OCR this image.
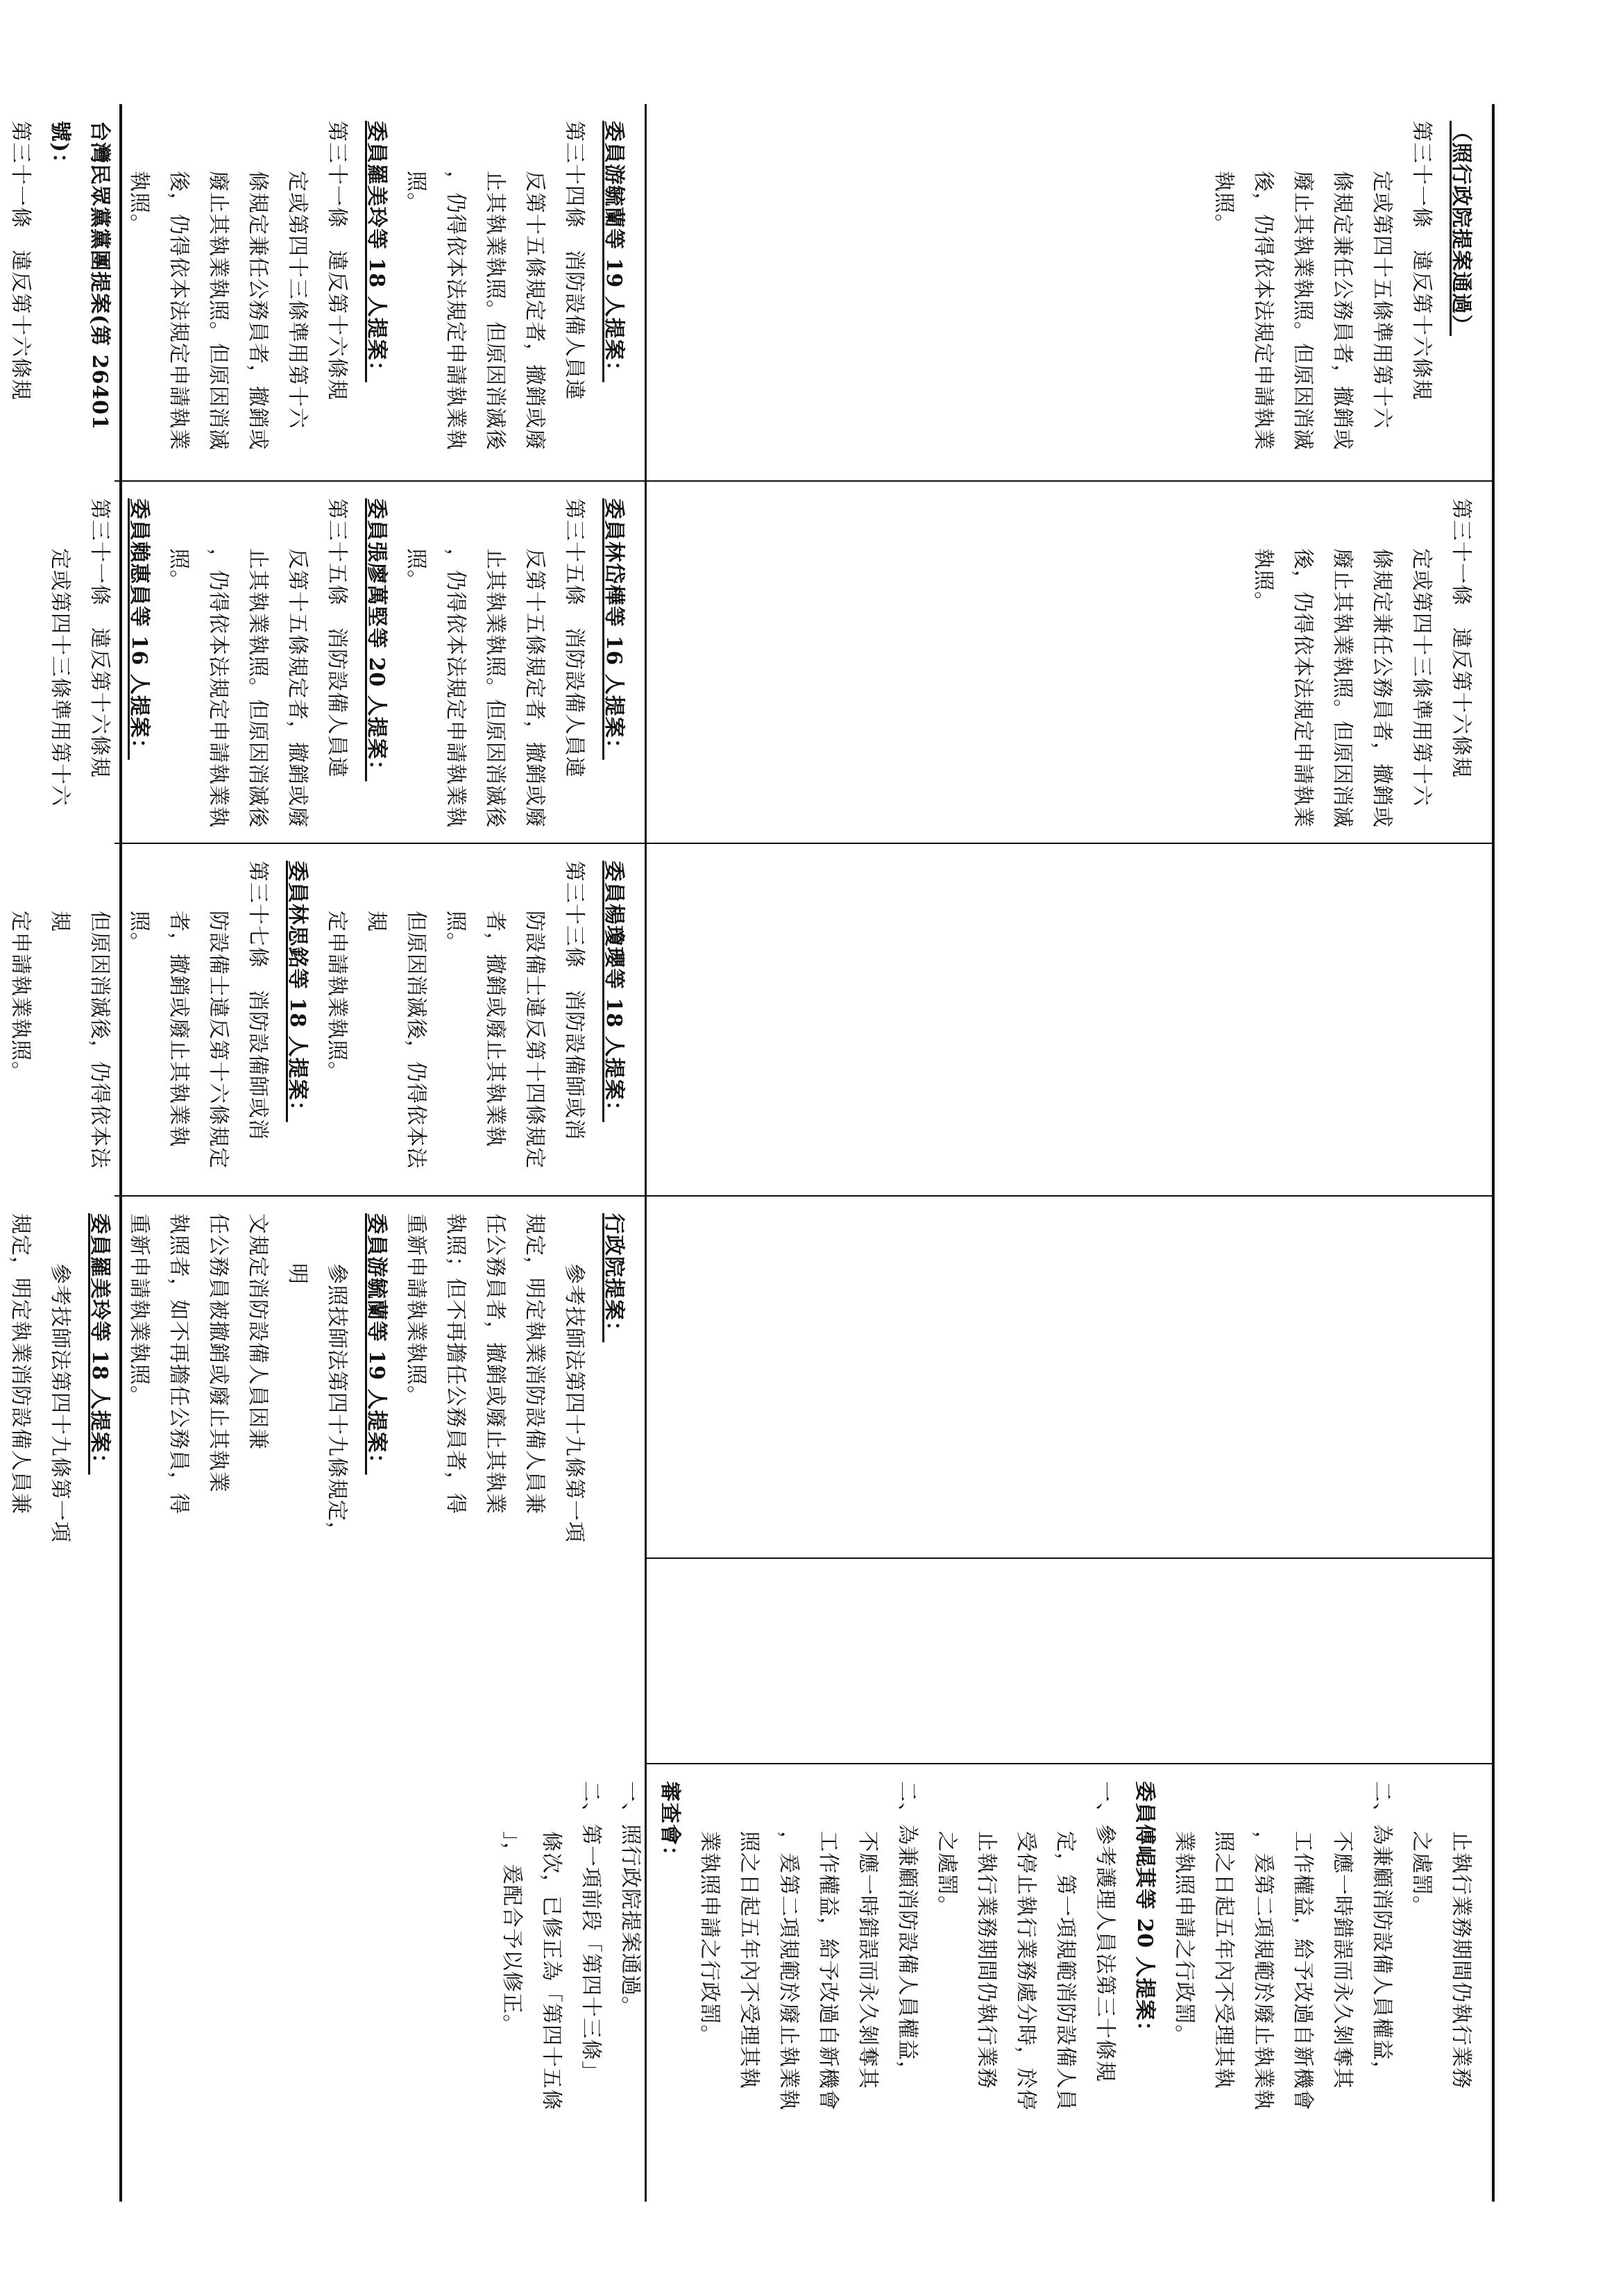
（照行政院提案通過）

第三十一條　違反第十六條規

定或第四十五條準用第十六

條規定兼任公務員者，撤銷或

廢止其執業執照。但原因消滅

後，仍得依本法規定申請執業

執照。

第三十一條　違反第十六條規

定或第四十三條準用第十六

條規定兼任公務員者，撤銷或

廢止其執業執照。但原因消滅

後，仍得依本法規定申請執業

執照。

止執行業務期間仍執行業務

之處罰。

二、為兼顧消防設備人員權益，

不應一時錯誤而永久剝奪其

工作權益，給予改過自新機會

，爰第二項規範於廢止執業執

照之日起五年內不受理其執

業執照申請之行政罰。

委員傅崐萁等 20 人提案：

一、參考護理人員法第三十條規

定，第一項規範消防設備人員

受停止執行業務處分時，於停

止執行業務期間仍執行業務

之處罰。

二、為兼顧消防設備人員權益，

不應一時錯誤而永久剝奪其

工作權益，給予改過自新機會

，爰第二項規範於廢止執業執

照之日起五年內不受理其執

業執照申請之行政罰。

審查會：

一、照行政院提案通過。

二、第一項前段「第四十三條」

條次，已修正為「第四十五條

」，爰配合予以修正。

委員游毓蘭等 19 人提案：

第三十四條　消防設備人員違

反第十五條規定者，撤銷或廢

止其執業執照。但原因消滅後

，仍得依本法規定申請執業執

照。

委員羅美玲等 18 人提案：

第三十一條　違反第十六條規

定或第四十三條準用第十六

條規定兼任公務員者，撤銷或

廢止其執業執照。但原因消滅

後，仍得依本法規定申請執業

執照。

台灣民眾黨黨團提案(第 26401

號)：

第三十一條　違反第十六條規

委員林岱樺等 16 人提案：

第三十五條　消防設備人員違

反第十五條規定者，撤銷或廢

止其執業執照。但原因消滅後

，仍得依本法規定申請執業執

照。

委員張廖萬堅等 20 人提案：

第三十五條　消防設備人員違

反第十五條規定者，撤銷或廢

止其執業執照。但原因消滅後

，仍得依本法規定申請執業執

照。

委員賴惠員等 16 人提案：

第三十一條　違反第十六條規

定或第四十三條準用第十六

委員楊瓊瓔等 18 人提案：

第三十三條　消防設備師或消

防設備士違反第十四條規定

者，撤銷或廢止其執業執照。

但原因消滅後，仍得依本法規

定申請執業執照。

委員林思銘等 18 人提案：

第三十七條　消防設備師或消

防設備士違反第十六條規定

者，撤銷或廢止其執業執照。

但原因消滅後，仍得依本法規

定申請執業執照。

行政院提案：

參考技師法第四十九條第一項

規定，明定執業消防設備人員兼

任公務員者，撤銷或廢止其執業

執照；但不再擔任公務員者，得

重新申請執業執照。

委員游毓蘭等 19 人提案：

參照技師法第四十九條規定，明

文規定消防設備人員因兼

任公務員被撤銷或廢止其執業

執照者，如不再擔任公務員，得

重新申請執業執照。

委員羅美玲等 18 人提案：

參考技師法第四十九條第一項

規定，明定執業消防設備人員兼
